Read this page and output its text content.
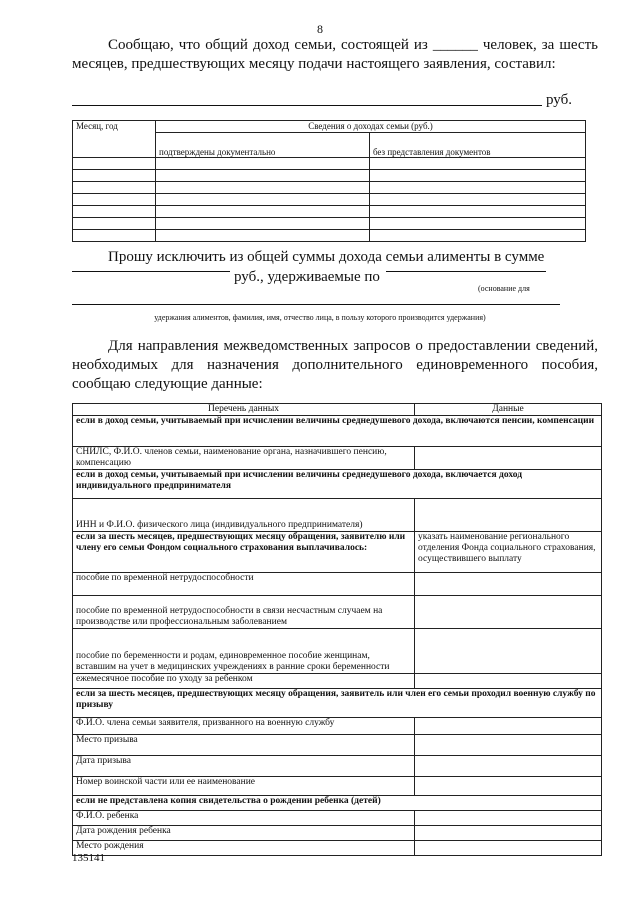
8
Сообщаю, что общий доход семьи, состоящей из ______ человек, за шесть месяцев, предшествующих месяцу подачи настоящего заявления, составил:
руб.
Месяц, год	Сведения о доходах семьи (руб.)	
	подтверждены документально	без представления документов

Прошу исключить из общей суммы дохода семьи алименты в сумме
руб., удерживаемые по
(основание для
удержания алиментов, фамилия, имя, отчество лица, в пользу которого производится удержания)
Для направления межведомственных запросов о предоставлении сведений, необходимых для назначения дополнительного единовременного пособия, сообщаю следующие данные:
Перечень данных	Данные
если в доход семьи, учитываемый при исчислении величины среднедушевого дохода, включаются пенсии, компенсации	
СНИЛС, Ф.И.О. членов семьи, наименование органа, назначившего пенсию, компенсацию	
если в доход семьи, учитываемый при исчислении величины среднедушевого дохода, включается доход индивидуального предпринимателя	
ИНН и Ф.И.О. физического лица (индивидуального предпринимателя)	
если за шесть месяцев, предшествующих месяцу обращения, заявителю или члену его семьи Фондом социального страхования выплачивалось:	указать наименование регионального отделения Фонда социального страхования, осуществившего выплату
пособие по временной нетрудоспособности	
пособие по временной нетрудоспособности в связи несчастным случаем на производстве или профессиональным заболеванием	
пособие по беременности и родам, единовременное пособие женщинам, вставшим на учет в медицинских учреждениях в ранние сроки беременности	
ежемесячное пособие по уходу за ребенком	
если за шесть месяцев, предшествующих месяцу обращения, заявитель или член его семьи проходил военную службу по призыву	
Ф.И.О. члена семьи заявителя, призванного на военную службу	
Место призыва	
Дата призыва	
Номер воинской части или ее наименование	
если не представлена копия свидетельства о рождении ребенка (детей)	
Ф.И.О. ребенка	
Дата рождения ребенка	
Место рождения	
135141
